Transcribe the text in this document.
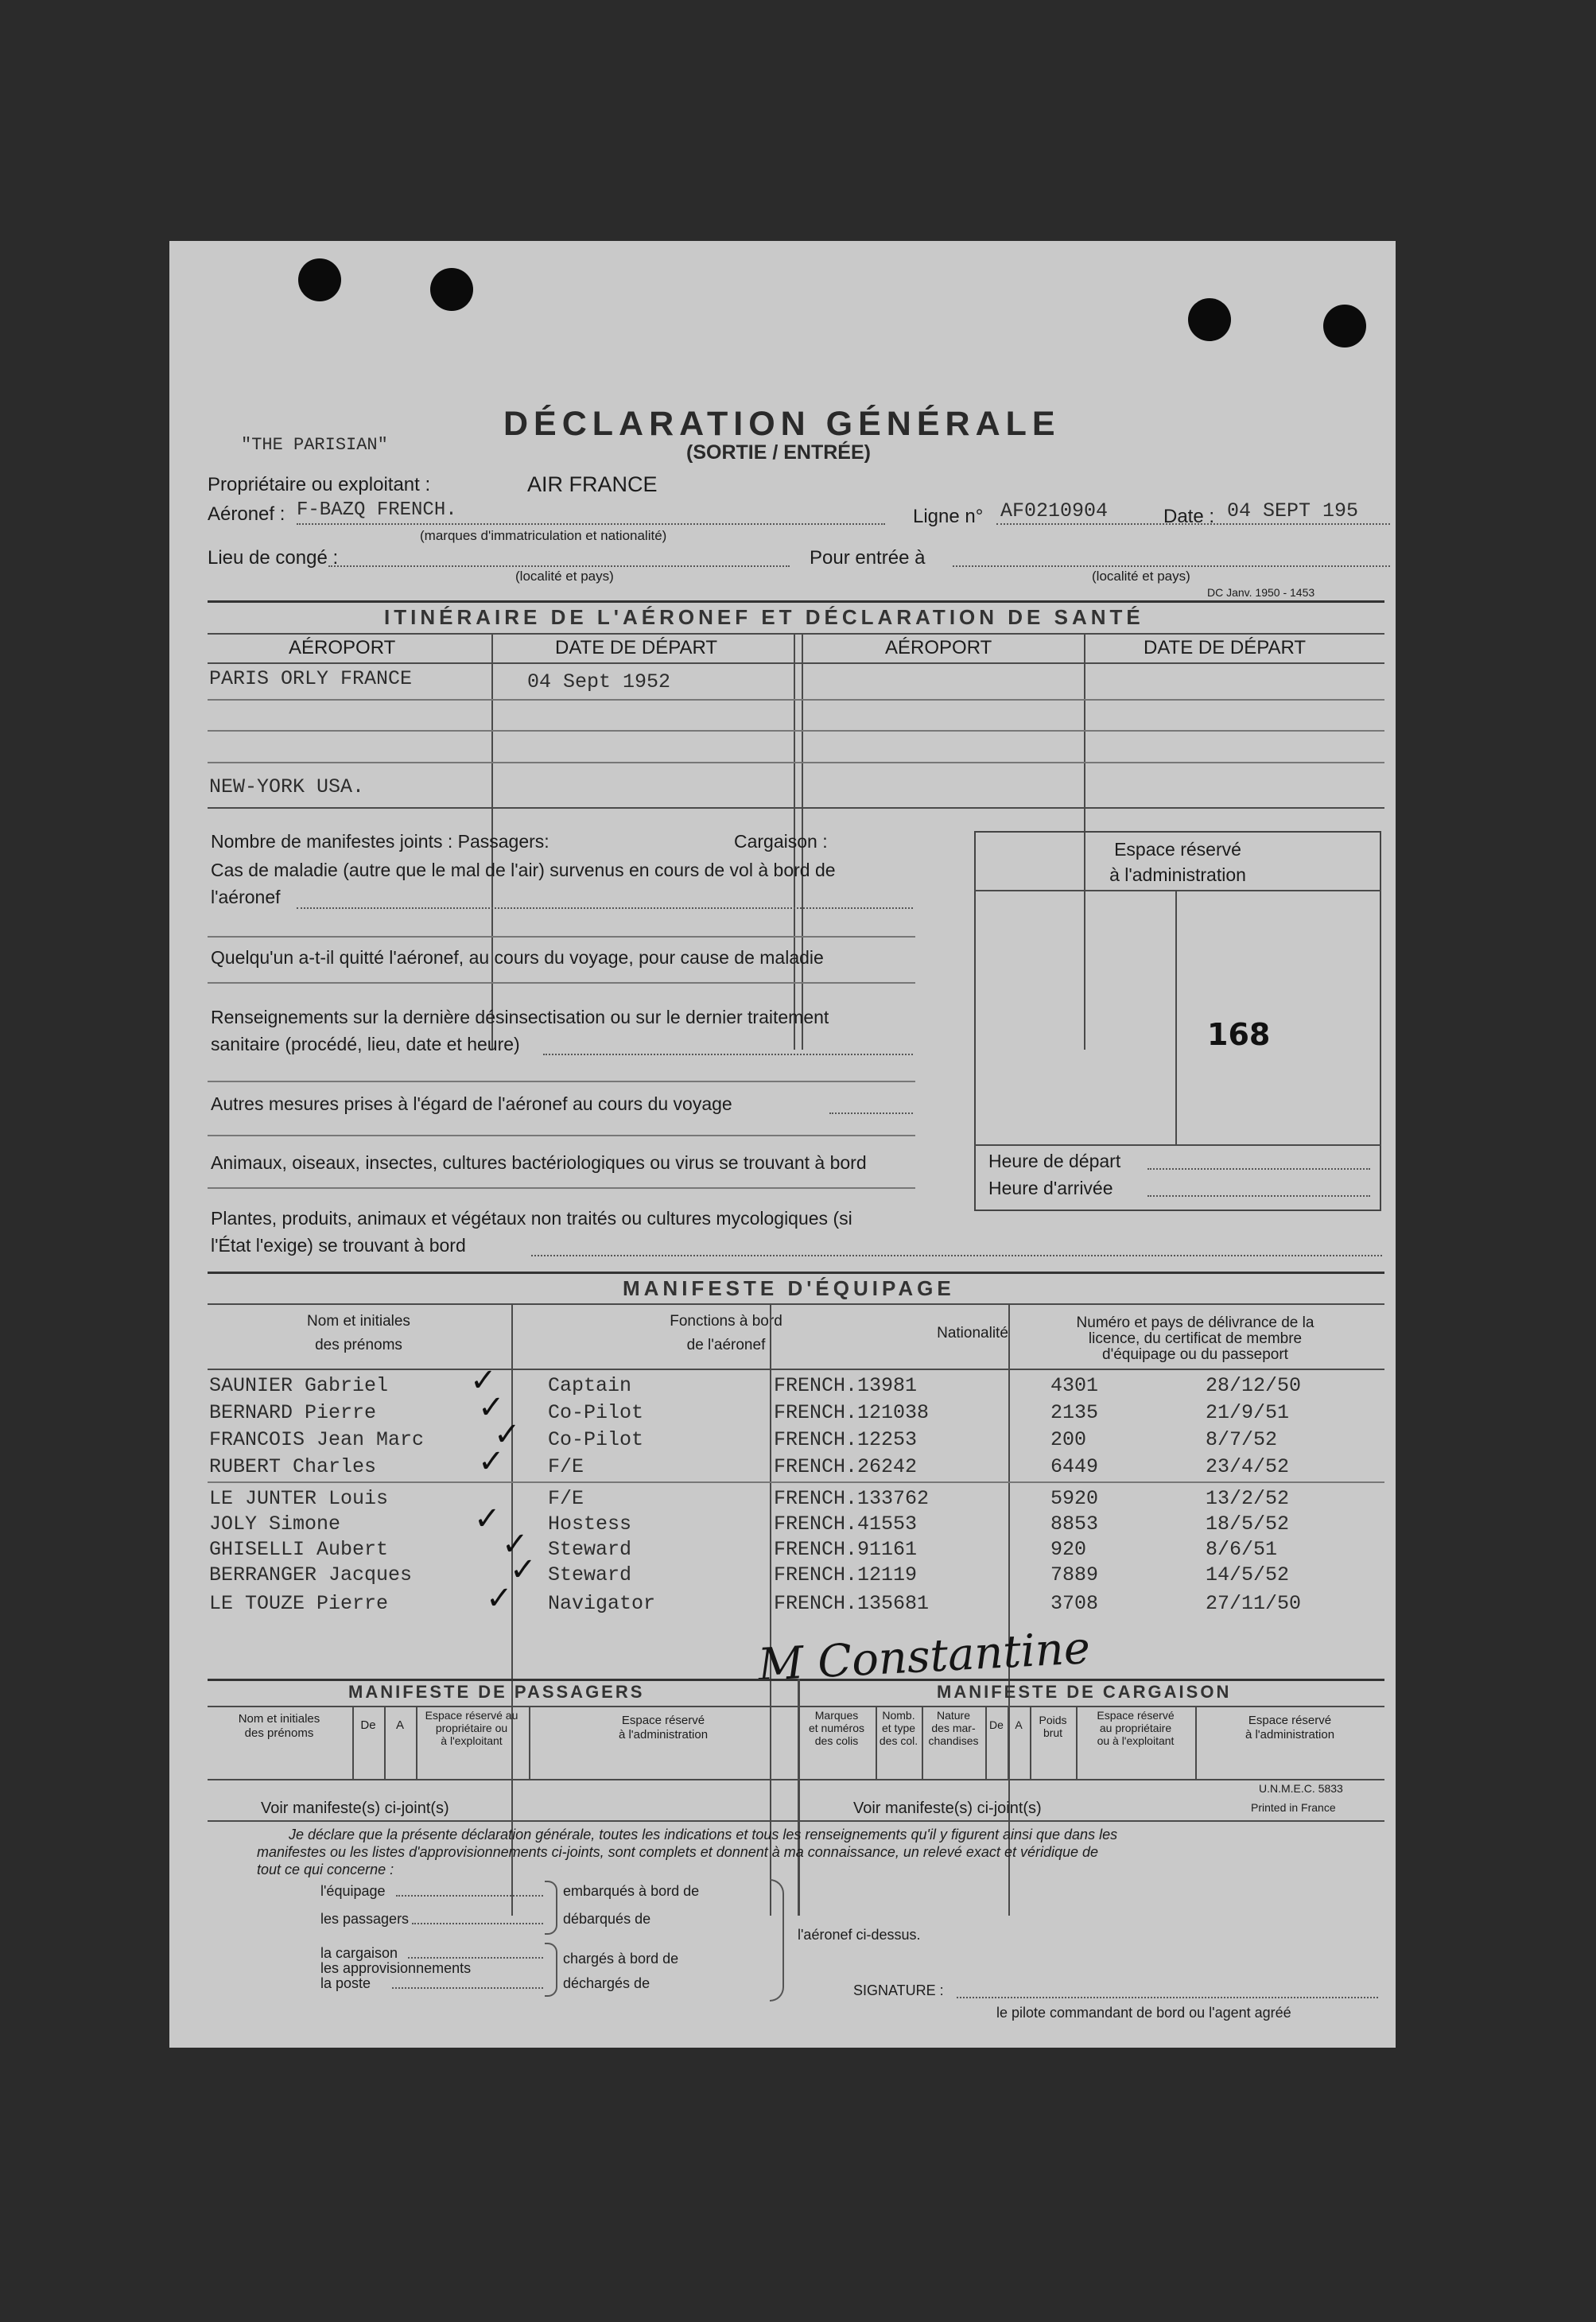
DÉCLARATION GÉNÉRALE
(SORTIE / ENTRÉE)
"THE PARISIAN"
Propriétaire ou exploitant :	AIR FRANCE
Aéronef : F-BAZQ FRENCH.
(marques d'immatriculation et nationalité)
Ligne n° AF0210904	Date : 04 SEPT 195
Lieu de congé :
(localité et pays)
Pour entrée à
(localité et pays)
DC Janv. 1950 - 1453
ITINÉRAIRE DE L'AÉRONEF ET DÉCLARATION DE SANTÉ
AÉROPORT	DATE DE DÉPART	AÉROPORT	DATE DE DÉPART
PARIS ORLY FRANCE	04 Sept 1952
NEW-YORK USA.
Nombre de manifestes joints : Passagers:	Cargaison :
Cas de maladie (autre que le mal de l'air) survenus en cours de vol à bord de
l'aéronef
Quelqu'un a-t-il quitté l'aéronef, au cours du voyage, pour cause de maladie
Renseignements sur la dernière désinsectisation ou sur le dernier traitement
sanitaire (procédé, lieu, date et heure)
Autres mesures prises à l'égard de l'aéronef au cours du voyage
Animaux, oiseaux, insectes, cultures bactériologiques ou virus se trouvant à bord
Plantes, produits, animaux et végétaux non traités ou cultures mycologiques (si
l'État l'exige) se trouvant à bord
Espace réservé
à l'administration
168
Heure de départ
Heure d'arrivée
MANIFESTE D'ÉQUIPAGE
Nom et initiales
des prénoms
Fonctions à bord
de l'aéronef
Nationalité
Numéro et pays de délivrance de la
licence, du certificat de membre
d'équipage ou du passeport
SAUNIER Gabriel	✓	Captain	FRENCH.13981	4301	28/12/50
BERNARD Pierre	✓ Co-Pilot	FRENCH.121038	2135	21/9/51
FRANCOIS Jean Marc ✓ Co-Pilot	FRENCH.12253	200	8/7/52
RUBERT Charles	✓ F/E	FRENCH.26242	6449	23/4/52
LE JUNTER Louis	F/E	FRENCH.133762	5920	13/2/52
JOLY Simone	✓ Hostess	FRENCH.41553	8853	18/5/52
GHISELLI Aubert	✓ Steward	FRENCH.91161	920	8/6/51
BERRANGER Jacques	✓ Steward	FRENCH.12119	7889	14/5/52
LE TOUZE Pierre	✓ Navigator	FRENCH.135681	3708	27/11/50
M Constantine
MANIFESTE DE PASSAGERS	MANIFESTE DE CARGAISON
Nom et initiales
des prénoms
De	A
Espace réservé au
propriétaire ou
à l'exploitant
Espace réservé
à l'administration
Marques
et numéros
des colis
Nomb.
et type
des col.
Nature
des mar-
chandises
De	A	Poids
brut
Espace réservé
au propriétaire
ou à l'exploitant
Espace réservé
à l'administration
U.N.M.E.C. 5833
Voir manifeste(s) ci-joint(s)	Voir manifeste(s) ci-joint(s)	Printed in France
Je déclare que la présente déclaration générale, toutes les indications et tous les renseignements qu'il y figurent ainsi que dans les
manifestes ou les listes d'approvisionnements ci-joints, sont complets et donnent à ma connaissance, un relevé exact et véridique de
tout ce qui concerne :
l'équipage
les passagers
la cargaison
les approvisionnements
la poste
embarqués à bord de
débarqués de
chargés à bord de
déchargés de
l'aéronef ci-dessus.
SIGNATURE :
le pilote commandant de bord ou l'agent agréé
